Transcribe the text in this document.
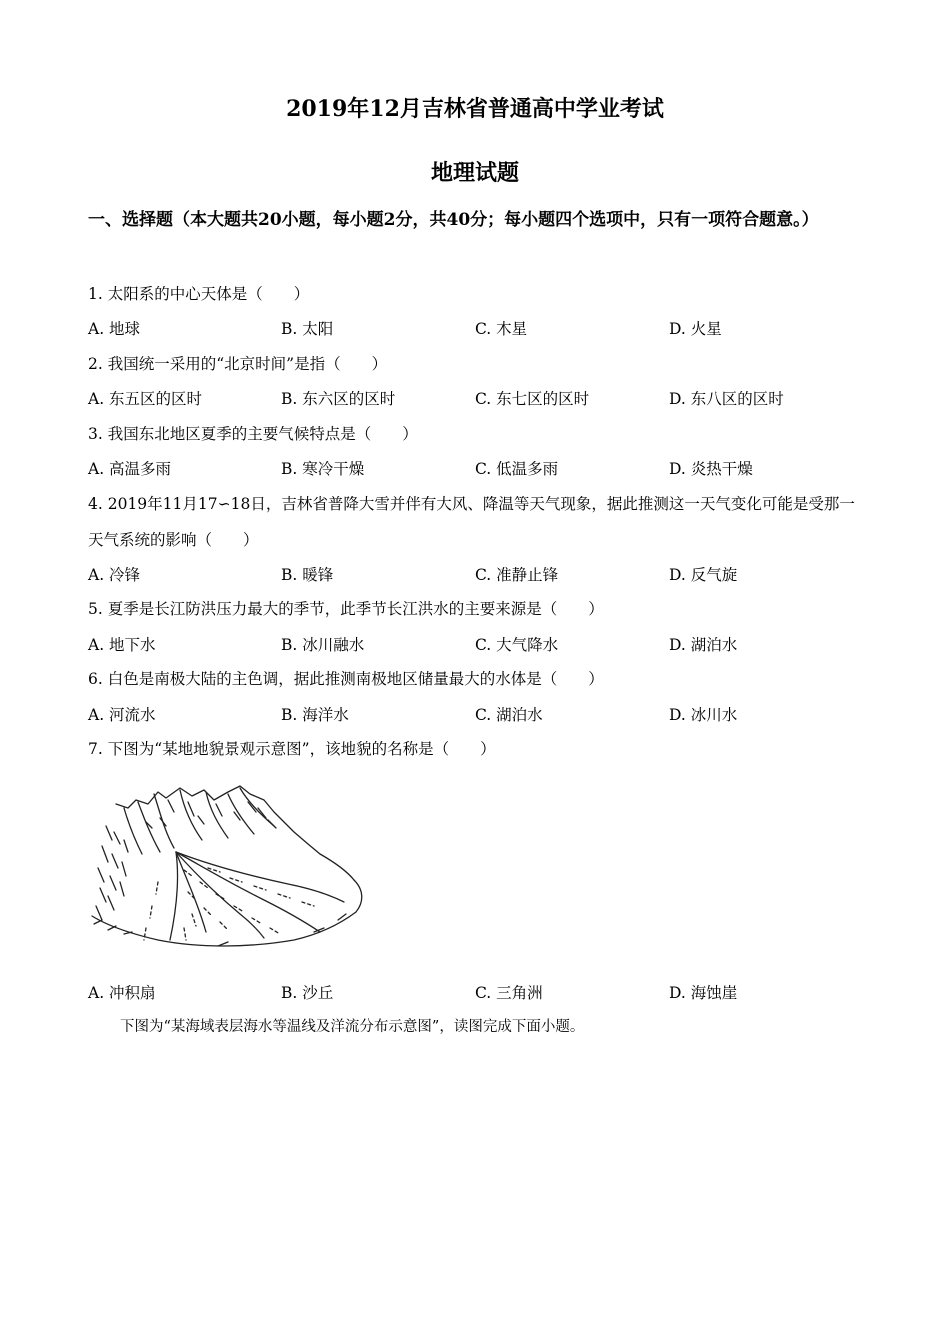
2019年12月吉林省普通高中学业考试
地理试题
一、选择题（本大题共20小题，每小题2分，共40分；每小题四个选项中，只有一项符合题意。）
1. 太阳系的中心天体是（　　）
A. 地球	B. 太阳	C. 木星	D. 火星
2. 我国统一采用的“北京时间”是指（　　）
A. 东五区的区时	B. 东六区的区时	C. 东七区的区时	D. 东八区的区时
3. 我国东北地区夏季的主要气候特点是（　　）
A. 高温多雨	B. 寒冷干燥	C. 低温多雨	D. 炎热干燥
4. 2019年11月17∽18日，吉林省普降大雪并伴有大风、降温等天气现象，据此推测这一天气变化可能是受那一天气系统的影响（　　）
A. 冷锋	B. 暖锋	C. 准静止锋	D. 反气旋
5. 夏季是长江防洪压力最大的季节，此季节长江洪水的主要来源是（　　）
A. 地下水	B. 冰川融水	C. 大气降水	D. 湖泊水
6. 白色是南极大陆的主色调，据此推测南极地区储量最大的水体是（　　）
A. 河流水	B. 海洋水	C. 湖泊水	D. 冰川水
7. 下图为“某地地貌景观示意图”，该地貌的名称是（　　）
A. 冲积扇	B. 沙丘	C. 三角洲	D. 海蚀崖
下图为“某海域表层海水等温线及洋流分布示意图”，读图完成下面小题。
